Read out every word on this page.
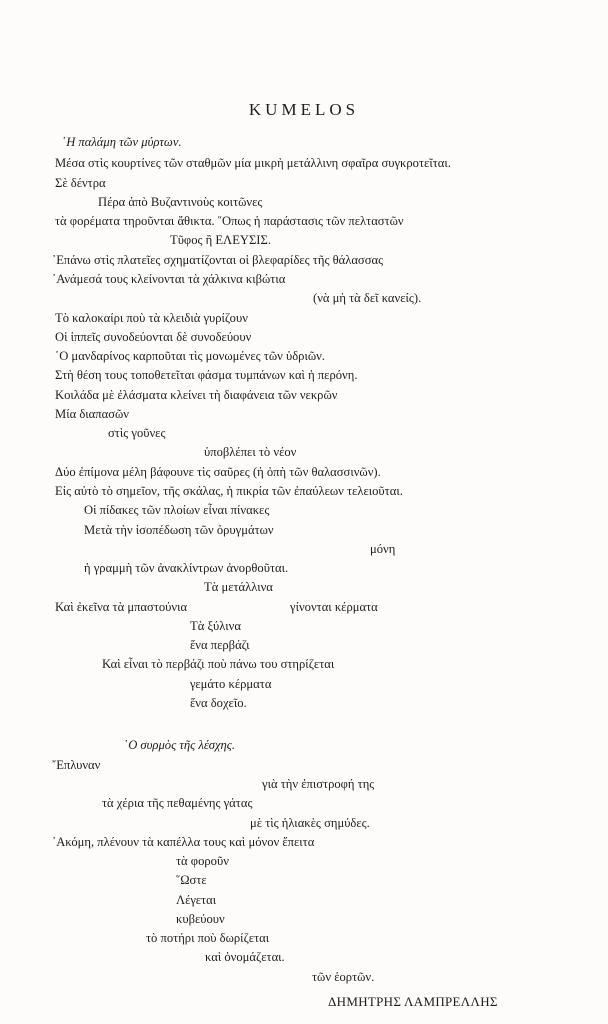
KUMELOS
῾Η παλάμη τῶν μύρτων.
Μέσα στὶς κουρτίνες τῶν σταθμῶν μία μικρὴ μετάλλινη σφαῖρα συγκροτεῖται.
Σὲ δέντρα
Πέρα ἀπὸ Βυζαντινοὺς κοιτῶνες
τὰ φορέματα τηροῦνται ἄθικτα. ῞Οπως ἡ παράστασις τῶν πελταστῶν
Τῦφος ἢ ΕΛΕΥΣΙΣ.
᾿Επάνω στὶς πλατεῖες σχηματίζονται οἱ βλεφαρίδες τῆς θάλασσας
᾿Ανάμεσά τους κλείνονται τὰ χάλκινα κιβώτια
(νὰ μὴ τὰ δεῖ κανείς).
Τὸ καλοκαίρι ποὺ τὰ κλειδιὰ γυρίζουν
Οἱ ἱππεῖς συνοδεύονται δὲ συνοδεύουν
῾Ο μανδαρίνος καρποῦται τὶς μονωμένες τῶν ὑδριῶν.
Στὴ θέση τους τοποθετεῖται φάσμα τυμπάνων καὶ ἡ περόνη.
Κοιλάδα μὲ ἐλάσματα κλείνει τὴ διαφάνεια τῶν νεκρῶν
Μία διαπασῶν
στὶς γοῦνες
ὑποβλέπει τὸ νέον
Δύο ἐπίμονα μέλη βάφουνε τὶς σαῦρες (ἡ ὀπὴ τῶν θαλασσινῶν).
Εἰς αὐτὸ τὸ σημεῖον, τῆς σκάλας, ἡ πικρία τῶν ἐπαύλεων τελειοῦται.
Οἱ πίδακες τῶν πλοίων εἶναι πίνακες
Μετὰ τὴν ἰσοπέδωση τῶν ὀρυγμάτων
μόνη
ἡ γραμμὴ τῶν ἀνακλίντρων ἀνορθοῦται.
Τὰ μετάλλινα
Καὶ ἐκεῖνα τὰ μπαστούνια	γίνονται κέρματα
Τὰ ξύλινα
ἕνα περβάζι
Καὶ εἶναι τὸ περβάζι ποὺ πάνω του στηρίζεται
γεμάτο κέρματα
ἕνα δοχεῖο.
῾Ο συρμὸς τῆς λέσχης.
῎Επλυναν
γιὰ τὴν ἐπιστροφή της
τὰ χέρια τῆς πεθαμένης γάτας
μὲ τὶς ἡλιακὲς σημύδες.
᾿Ακόμη, πλένουν τὰ καπέλλα τους καὶ μόνον ἔπειτα
τὰ φοροῦν
῞Ωστε
Λέγεται
κυβεύουν
τὸ ποτήρι ποὺ δωρίζεται
καὶ ὀνομάζεται.
τῶν ἑορτῶν.
ΔΗΜΗΤΡΗΣ ΛΑΜΠΡΕΛΛΗΣ
